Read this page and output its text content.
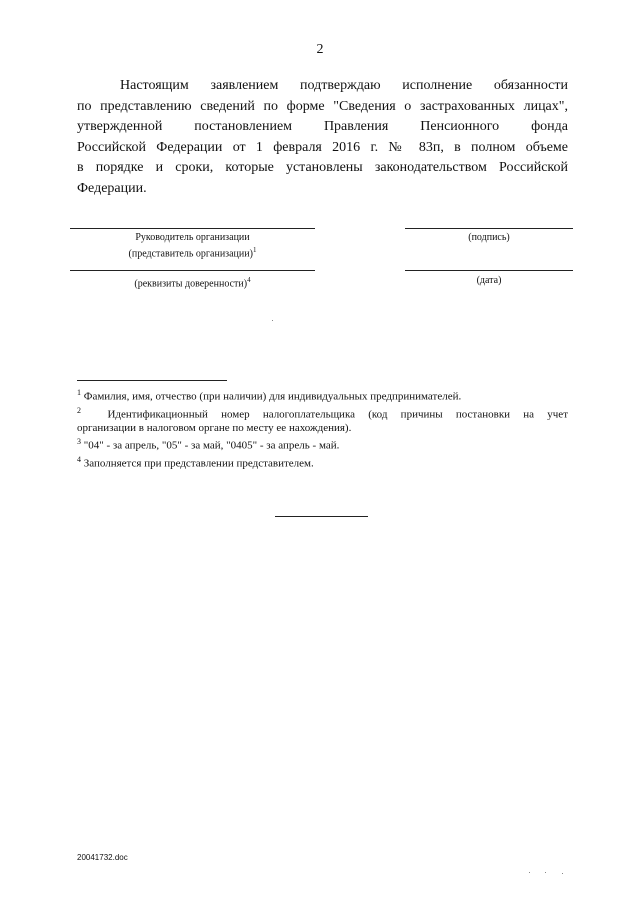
2
Настоящим заявлением подтверждаю исполнение обязанности
по представлению сведений по форме "Сведения о застрахованных лицах",
утвержденной постановлением Правления Пенсионного фонда
Российской Федерации от 1 февраля 2016 г. № 83п, в полном объеме
в порядке и сроки, которые установлены законодательством Российской
Федерации.
Руководитель организации
(представитель организации)$^1$
(подпись)
(реквизиты доверенности)$^4$	(дата)

$^1$ Фамилия, имя, отчество (при наличии) для индивидуальных предпринимателей.

$^2$ Идентификационный номер налогоплательщика (код причины постановки на учет
организации в налоговом органе по месту ее нахождения).

$^3$ "04" - за апрель, "05" - за май, "0405" - за апрель - май.

$^4$ Заполняется при представлении представителем.

20041732.doc
